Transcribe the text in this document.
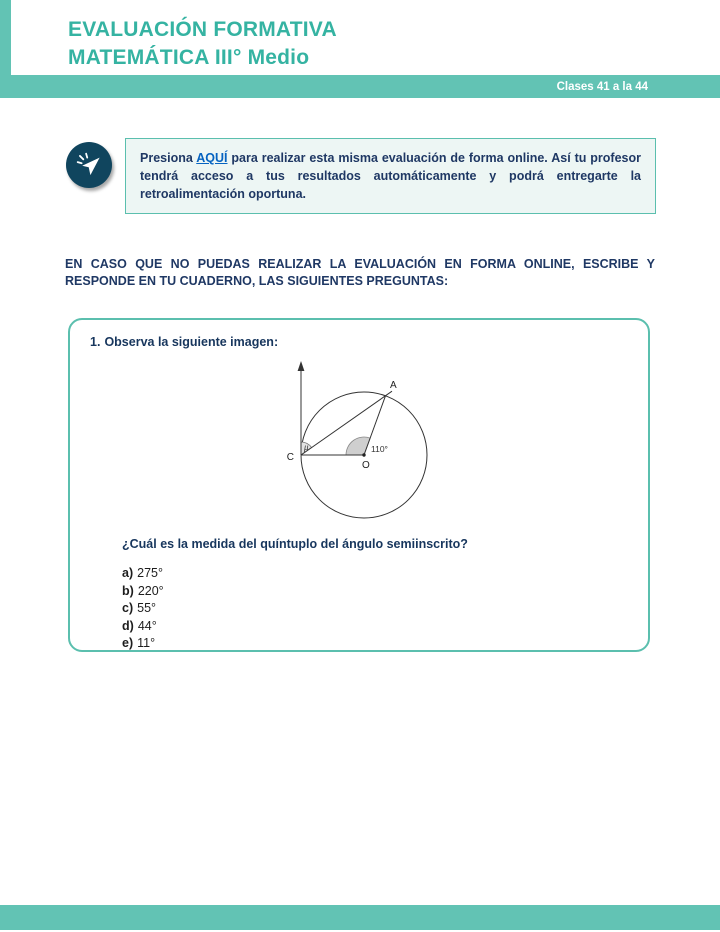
EVALUACIÓN FORMATIVA
MATEMÁTICA III° Medio
Clases 41 a la 44
Presiona AQUÍ para realizar esta misma evaluación de forma online. Así tu profesor tendrá acceso a tus resultados automáticamente y podrá entregarte la retroalimentación oportuna.
EN CASO QUE NO PUEDAS REALIZAR LA EVALUACIÓN EN FORMA ONLINE, ESCRIBE Y RESPONDE EN TU CUADERNO, LAS SIGUIENTES PREGUNTAS:
1. Observa la siguiente imagen:
A
C
O
110°
μ
¿Cuál es la medida del quíntuplo del ángulo semiinscrito?
a) 275°
b) 220°
c) 55°
d) 44°
e) 11°
